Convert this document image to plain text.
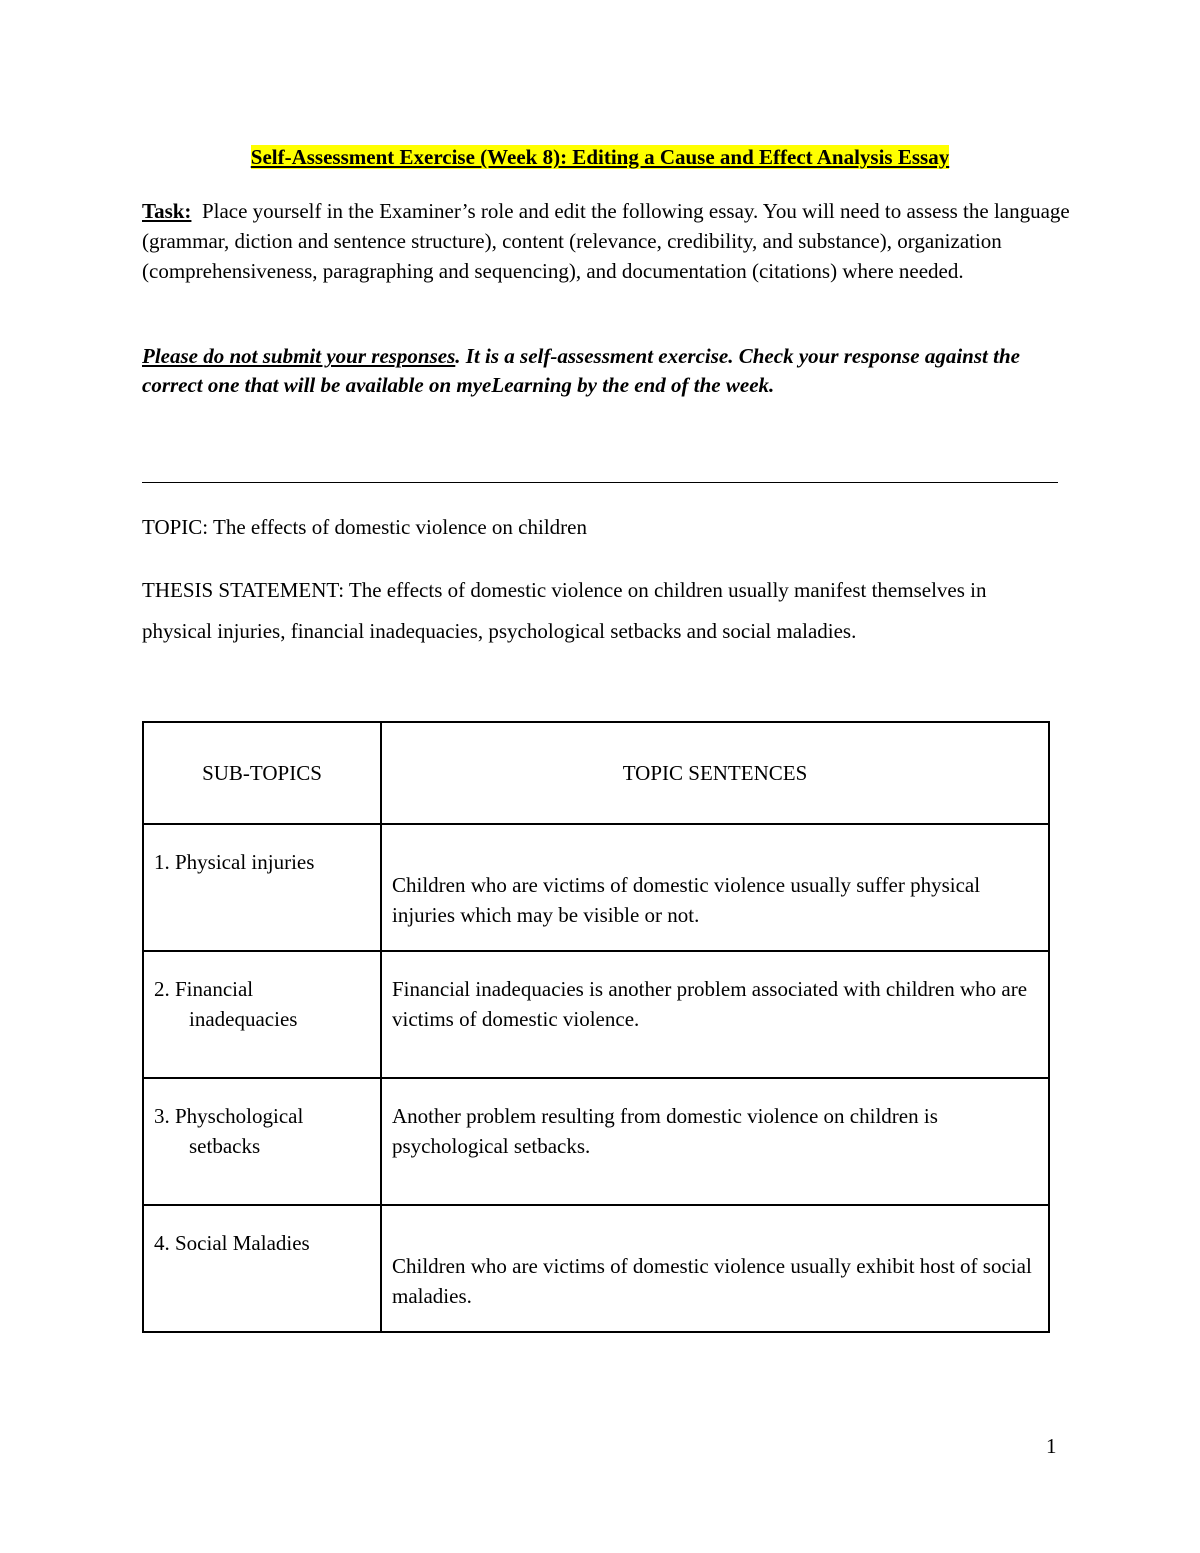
Self-Assessment Exercise (Week 8): Editing a Cause and Effect Analysis Essay
Task: Place yourself in the Examiner’s role and edit the following essay. You will need to assess the language (grammar, diction and sentence structure), content (relevance, credibility, and substance), organization (comprehensiveness, paragraphing and sequencing), and documentation (citations) where needed.
Please do not submit your responses. It is a self-assessment exercise. Check your response against the correct one that will be available on myeLearning by the end of the week.
TOPIC: The effects of domestic violence on children
THESIS STATEMENT: The effects of domestic violence on children usually manifest themselves in physical injuries, financial inadequacies, psychological setbacks and social maladies.
SUB-TOPICS	TOPIC SENTENCES

1. Physical injuries	Children who are victims of domestic violence usually suffer physical injuries which may be visible or not.

2. Financial
inadequacies	Financial inadequacies is another problem associated with children who are victims of domestic violence.

3. Physchological
setbacks	Another problem resulting from domestic violence on children is psychological setbacks.

4. Social Maladies	Children who are victims of domestic violence usually exhibit host of social maladies.
1
